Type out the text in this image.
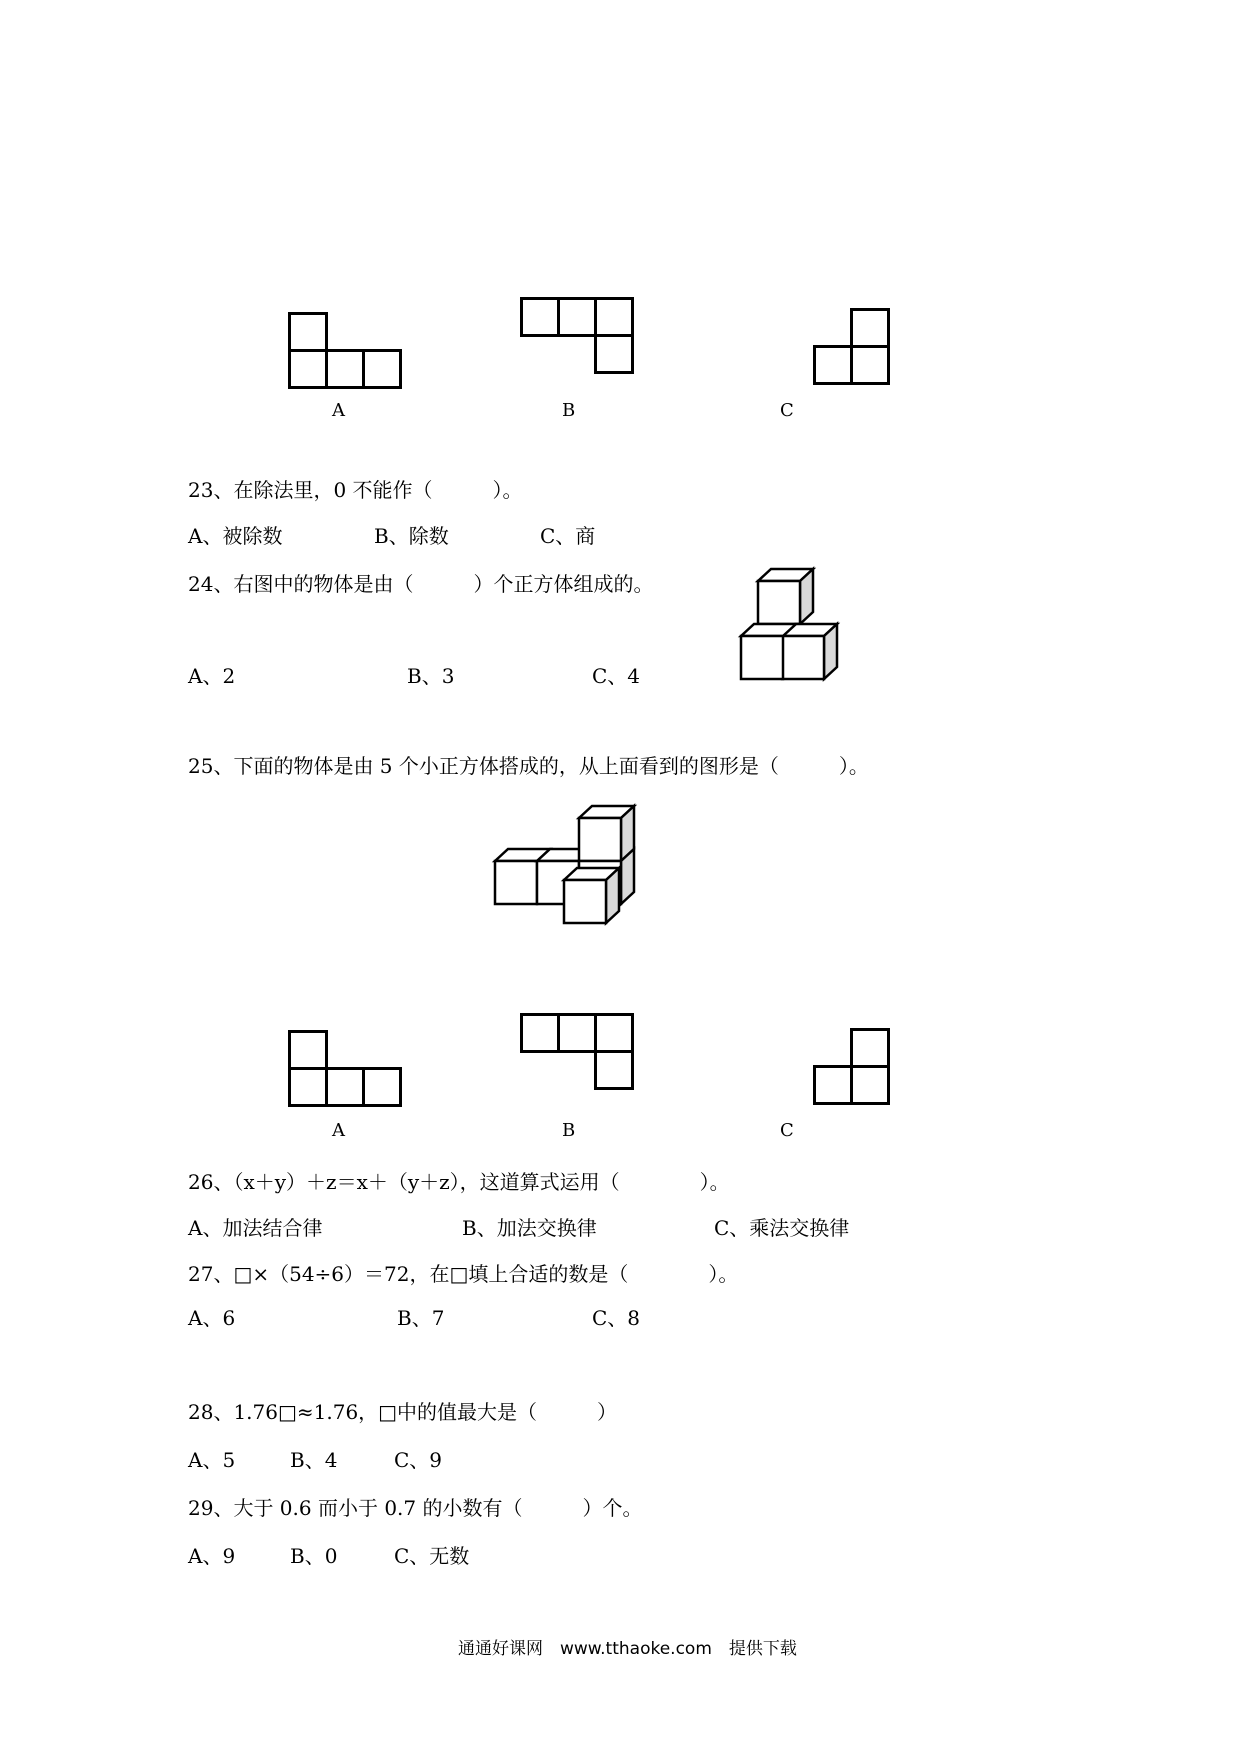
A	B	C
23、在除法里，0 不能作（　　　）。
A、被除数	B、除数	C、商
24、右图中的物体是由（　　　）个正方体组成的。
A、2	B、3	C、4
25、下面的物体是由 5 个小正方体搭成的，从上面看到的图形是（　　　）。
A	B	C
26、（x＋y）＋z＝x＋（y＋z），这道算式运用（　　　　）。
A、加法结合律	B、加法交换律	C、乘法交换律
27、□×（54÷6）＝72，在□填上合适的数是（　　　　）。
A、6	B、7	C、8
28、1.76□≈1.76，□中的值最大是（　　　）
A、5	B、4	C、9
29、大于 0.6 而小于 0.7 的小数有（　　　）个。
A、9	B、0	C、无数
通通好课网　www.tthaoke.com　提供下载
